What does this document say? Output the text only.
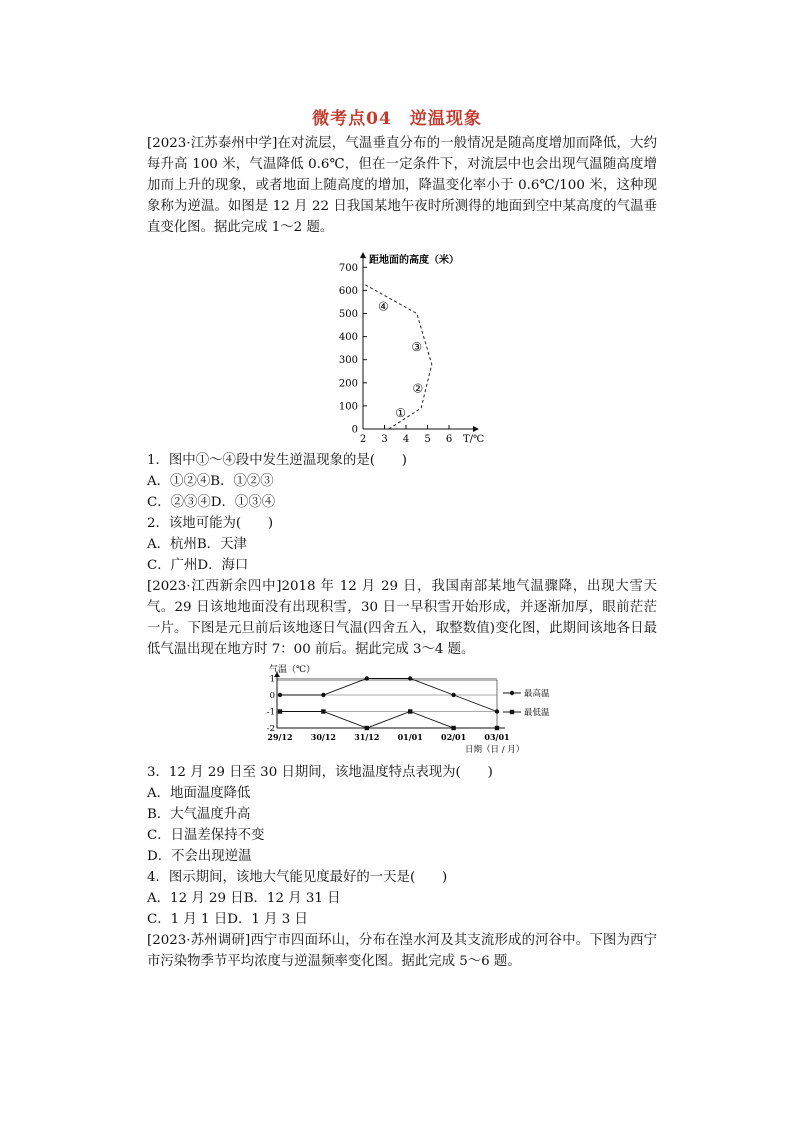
微考点04　逆温现象
[2023·江苏泰州中学]在对流层，气温垂直分布的一般情况是随高度增加而降低，大约每升高 100 米，气温降低 0.6℃，但在一定条件下，对流层中也会出现气温随高度增加而上升的现象，或者地面上随高度的增加，降温变化率小于 0.6℃/100 米，这种现象称为逆温。如图是 12 月 22 日我国某地午夜时所测得的地面到空中某高度的气温垂直变化图。据此完成 1～2 题。
0
100
200
300
400
500
600
700
2 3 4 5 6
①
②
③
④
距地面的高度（米）
T/℃
1．图中①～④段中发生逆温现象的是(　　)
A．①②④B．①②③
C．②③④D．①③④
2．该地可能为(　　)
A．杭州B．天津
C．广州D．海口
[2023·江西新余四中]2018 年 12 月 29 日，我国南部某地气温骤降，出现大雪天气。29 日该地地面没有出现积雪，30 日一早积雪开始形成，并逐渐加厚，眼前茫茫一片。下图是元旦前后该地逐日气温(四舍五入，取整数值)变化图，此期间该地各日最低气温出现在地方时 7：00 前后。据此完成 3～4 题。
1
0
-1
-2
29/12 30/12 31/12 01/01 02/01 03/01
最高温
最低温
气温（℃）
日期（日 / 月）
3．12 月 29 日至 30 日期间，该地温度特点表现为(　　)
A．地面温度降低
B．大气温度升高
C．日温差保持不变
D．不会出现逆温
4．图示期间，该地大气能见度最好的一天是(　　)
A．12 月 29 日B．12 月 31 日
C．1 月 1 日D．1 月 3 日
[2023·苏州调研]西宁市四面环山，分布在湟水河及其支流形成的河谷中。下图为西宁市污染物季节平均浓度与逆温频率变化图。据此完成 5～6 题。
